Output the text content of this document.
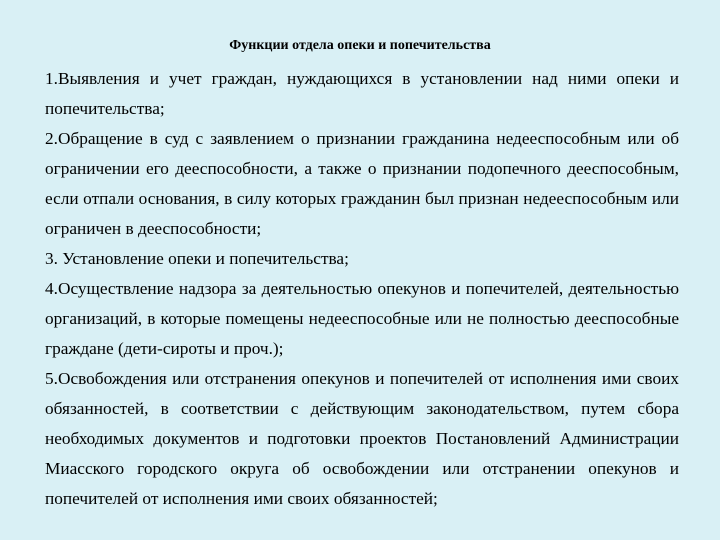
Функции отдела опеки и попечительства

1.Выявления и учет граждан, нуждающихся в установлении над ними опеки и попечительства;

2.Обращение в суд с заявлением о признании гражданина недееспособным или об ограничении его дееспособности, а также о признании подопечного дееспособным, если отпали основания, в силу которых гражданин был признан недееспособным или ограничен в дееспособности;

3. Установление опеки и попечительства;

4.Осуществление надзора за деятельностью опекунов и попечителей, деятельностью организаций, в которые помещены недееспособные или не полностью дееспособные граждане (дети-сироты и проч.);

5.Освобождения или отстранения опекунов и попечителей от исполнения ими своих обязанностей, в соответствии с действующим законодательством, путем сбора необходимых документов и подготовки проектов Постановлений Администрации Миасского городского округа об освобождении или отстранении опекунов и попечителей от исполнения ими своих обязанностей;
